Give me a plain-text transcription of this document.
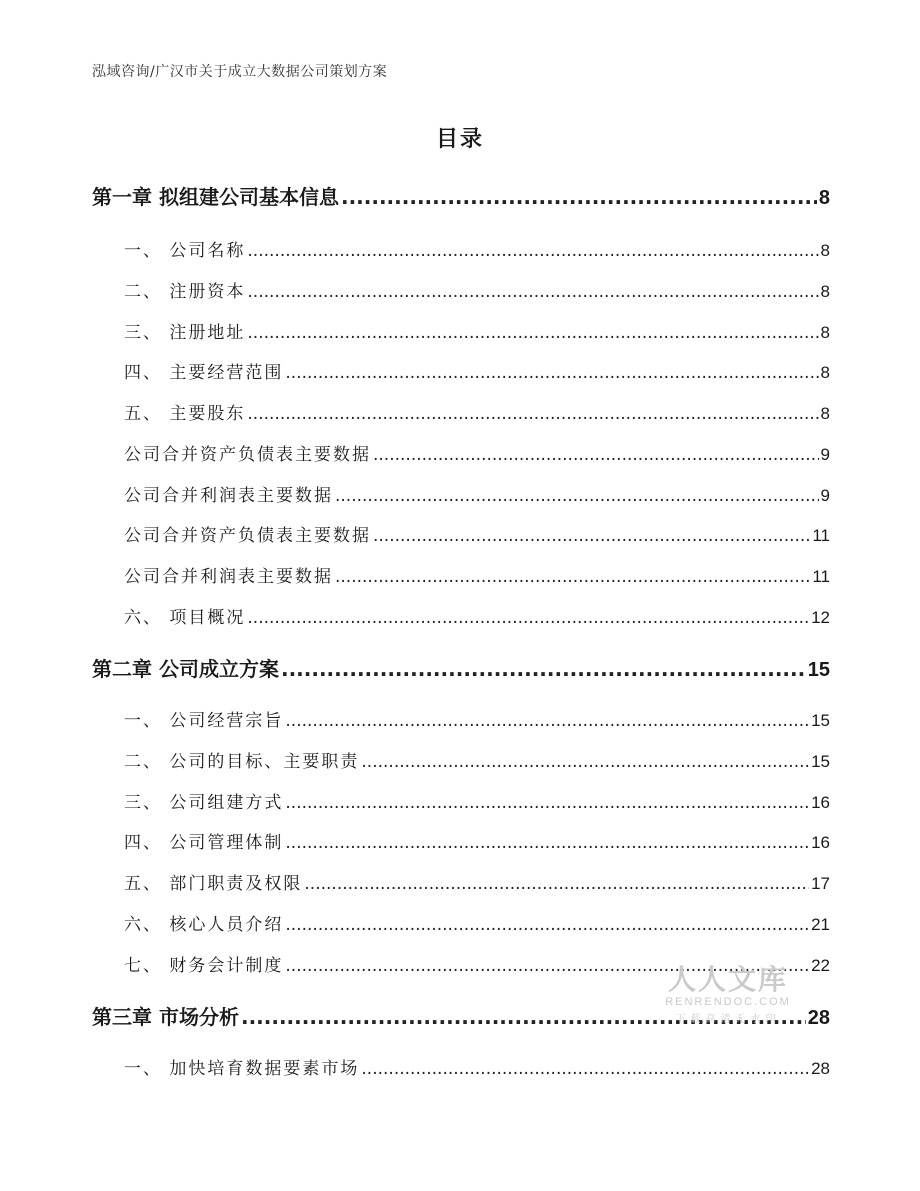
泓域咨询/广汉市关于成立大数据公司策划方案
目录
第一章 拟组建公司基本信息 .....	8
一、 公司名称 .....	8
二、 注册资本 .....	8
三、 注册地址 .....	8
四、 主要经营范围 .....	8
五、 主要股东 .....	8
公司合并资产负债表主要数据 .....	9
公司合并利润表主要数据 .....	9
公司合并资产负债表主要数据 .....	11
公司合并利润表主要数据 .....	11
六、 项目概况 .....	12
第二章 公司成立方案 .....	15
一、 公司经营宗旨 .....	15
二、 公司的目标、主要职责 .....	15
三、 公司组建方式 .....	16
四、 公司管理体制 .....	16
五、 部门职责及权限 .....	17
六、 核心人员介绍 .....	21
七、 财务会计制度 .....	22
第三章 市场分析 .....	28
一、 加快培育数据要素市场 .....	28
人人文库
RENRENDOC.COM
下载高清无水印
